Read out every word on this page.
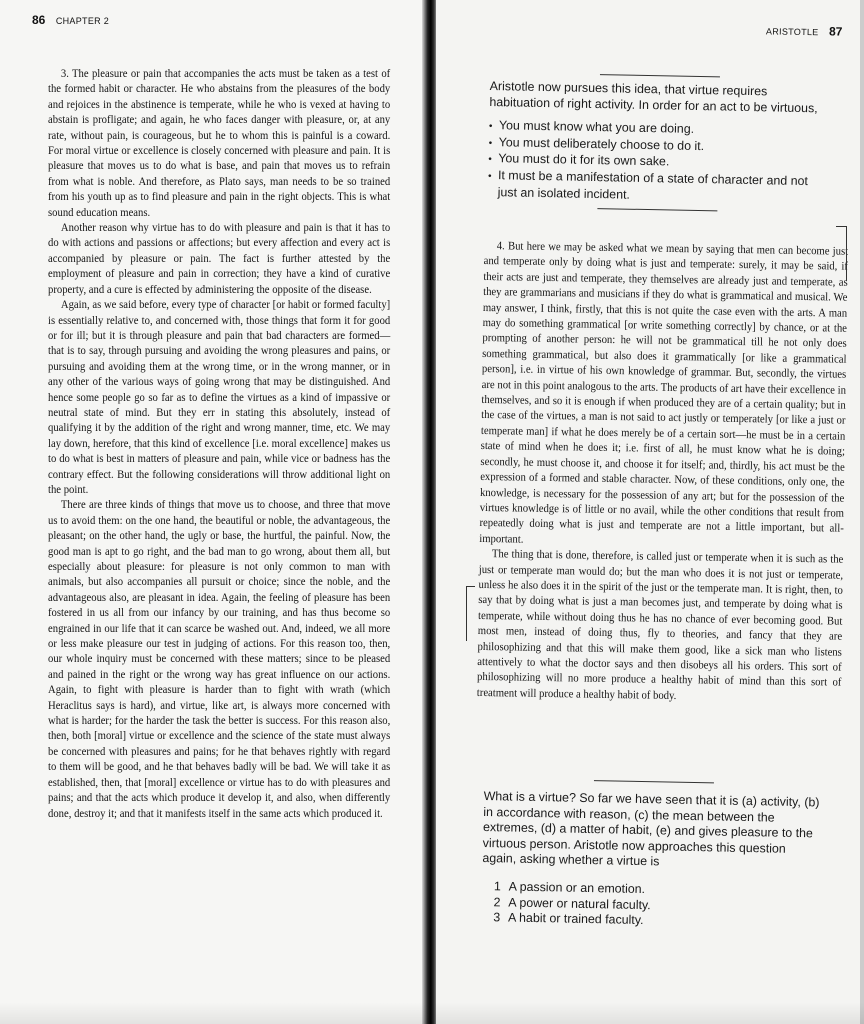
86 CHAPTER 2

3. The pleasure or pain that accompanies the acts must be taken as a test of the formed habit or character. He who abstains from the pleasures of the body and rejoices in the abstinence is temperate, while he who is vexed at having to abstain is profligate; and again, he who faces danger with pleasure, or, at any rate, without pain, is courageous, but he to whom this is painful is a coward. For moral virtue or excellence is closely concerned with pleasure and pain. It is pleasure that moves us to do what is base, and pain that moves us to refrain from what is noble. And therefore, as Plato says, man needs to be so trained from his youth up as to find pleasure and pain in the right objects. This is what sound education means.

Another reason why virtue has to do with pleasure and pain is that it has to do with actions and passions or affections; but every affection and every act is accompanied by pleasure or pain. The fact is further attested by the employment of pleasure and pain in correction; they have a kind of curative property, and a cure is effected by administering the opposite of the disease.

Again, as we said before, every type of character [or habit or formed faculty] is essentially relative to, and concerned with, those things that form it for good or for ill; but it is through pleasure and pain that bad characters are formed—that is to say, through pursuing and avoiding the wrong pleasures and pains, or pursuing and avoiding them at the wrong time, or in the wrong manner, or in any other of the various ways of going wrong that may be distinguished. And hence some people go so far as to define the virtues as a kind of impassive or neutral state of mind. But they err in stating this absolutely, instead of qualifying it by the addition of the right and wrong manner, time, etc. We may lay down, herefore, that this kind of excellence [i.e. moral excellence] makes us to do what is best in matters of pleasure and pain, while vice or badness has the contrary effect. But the following considerations will throw additional light on the point.

There are three kinds of things that move us to choose, and three that move us to avoid them: on the one hand, the beautiful or noble, the advantageous, the pleasant; on the other hand, the ugly or base, the hurtful, the painful. Now, the good man is apt to go right, and the bad man to go wrong, about them all, but especially about pleasure: for pleasure is not only common to man with animals, but also accompanies all pursuit or choice; since the noble, and the advantageous also, are pleasant in idea. Again, the feeling of pleasure has been fostered in us all from our infancy by our training, and has thus become so engrained in our life that it can scarce be washed out. And, indeed, we all more or less make pleasure our test in judging of actions. For this reason too, then, our whole inquiry must be concerned with these matters; since to be pleased and pained in the right or the wrong way has great influence on our actions. Again, to fight with pleasure is harder than to fight with wrath (which Heraclitus says is hard), and virtue, like art, is always more concerned with what is harder; for the harder the task the better is success. For this reason also, then, both [moral] virtue or excellence and the science of the state must always be concerned with pleasures and pains; for he that behaves rightly with regard to them will be good, and he that behaves badly will be bad. We will take it as established, then, that [moral] excellence or virtue has to do with pleasures and pains; and that the acts which produce it develop it, and also, when differently done, destroy it; and that it manifests itself in the same acts which produced it.

ARISTOTLE 87
Aristotle now pursues this idea, that virtue requires habituation of right activity. In order for an act to be virtuous,
• You must know what you are doing.
• You must deliberately choose to do it.
• You must do it for its own sake.
• It must be a manifestation of a state of character and not just an isolated incident.

4. But here we may be asked what we mean by saying that men can become just and temperate only by doing what is just and temperate: surely, it may be said, if their acts are just and temperate, they themselves are already just and temperate, as they are grammarians and musicians if they do what is grammatical and musical. We may answer, I think, firstly, that this is not quite the case even with the arts. A man may do something grammatical [or write something correctly] by chance, or at the prompting of another person: he will not be grammatical till he not only does something grammatical, but also does it grammatically [or like a grammatical person], i.e. in virtue of his own knowledge of grammar. But, secondly, the virtues are not in this point analogous to the arts. The products of art have their excellence in themselves, and so it is enough if when produced they are of a certain quality; but in the case of the virtues, a man is not said to act justly or temperately [or like a just or temperate man] if what he does merely be of a certain sort—he must be in a certain state of mind when he does it; i.e. first of all, he must know what he is doing; secondly, he must choose it, and choose it for itself; and, thirdly, his act must be the expression of a formed and stable character. Now, of these conditions, only one, the knowledge, is necessary for the possession of any art; but for the possession of the virtues knowledge is of little or no avail, while the other conditions that result from repeatedly doing what is just and temperate are not a little important, but all-important.

The thing that is done, therefore, is called just or temperate when it is such as the just or temperate man would do; but the man who does it is not just or temperate, unless he also does it in the spirit of the just or the temperate man. It is right, then, to say that by doing what is just a man becomes just, and temperate by doing what is temperate, while without doing thus he has no chance of ever becoming good. But most men, instead of doing thus, fly to theories, and fancy that they are philosophizing and that this will make them good, like a sick man who listens attentively to what the doctor says and then disobeys all his orders. This sort of philosophizing will no more produce a healthy habit of mind than this sort of treatment will produce a healthy habit of body.

What is a virtue? So far we have seen that it is (a) activity, (b) in accordance with reason, (c) the mean between the extremes, (d) a matter of habit, (e) and gives pleasure to the virtuous person. Aristotle now approaches this question again, asking whether a virtue is
1 A passion or an emotion.
2 A power or natural faculty.
3 A habit or trained faculty.
